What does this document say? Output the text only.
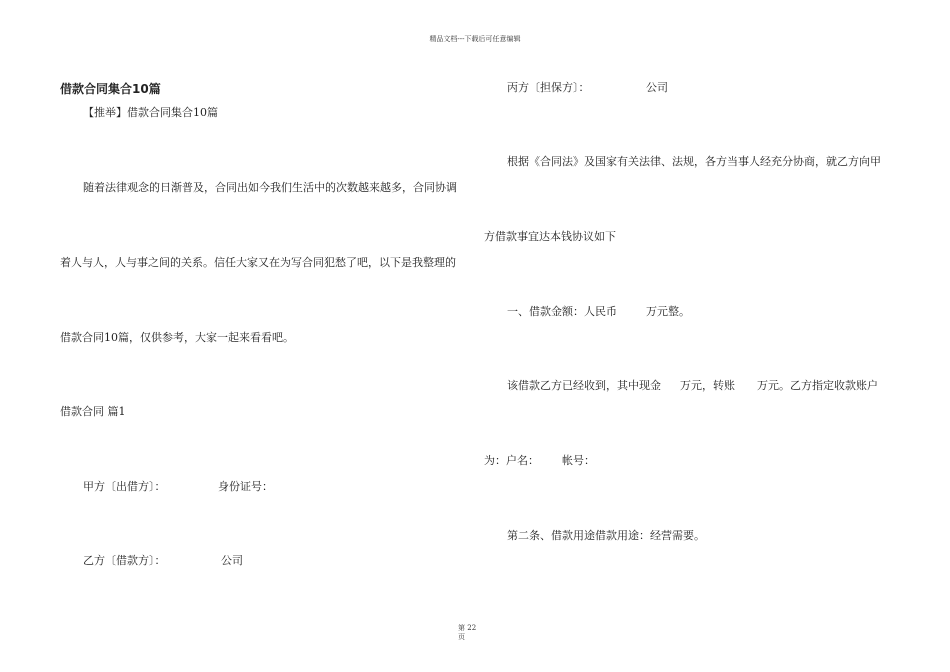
精品文档---下载后可任意编辑
借款合同集合10篇
【推举】借款合同集合10篇
随着法律观念的日渐普及，合同出如今我们生活中的次数越来越多，合同协调
着人与人，人与事之间的关系。信任大家又在为写合同犯愁了吧，以下是我整理的
借款合同10篇，仅供参考，大家一起来看看吧。
借款合同 篇1
甲方〔出借方〕：	身份证号：
乙方〔借款方〕：	公司
丙方〔担保方〕：	公司
根据《合同法》及国家有关法律、法规，各方当事人经充分协商，就乙方向甲
方借款事宜达本钱协议如下
一、借款金额：人民币	万元整。
该借款乙方已经收到，其中现金 万元，转账 万元。乙方指定收款账户
为：户名： 帐号：
第二条、借款用途借款用途：经营需要。
第 22
页
